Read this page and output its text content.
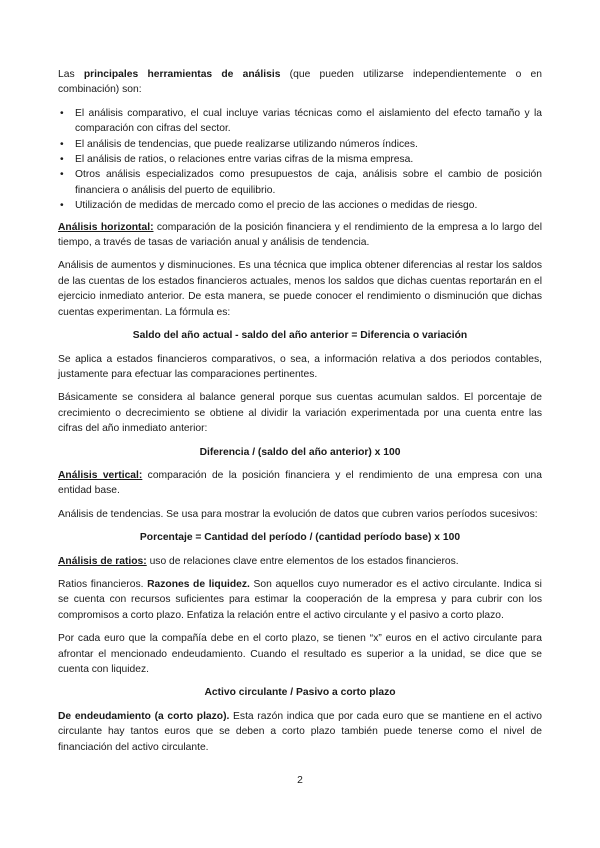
Las principales herramientas de análisis (que pueden utilizarse independientemente o en combinación) son:

• El análisis comparativo, el cual incluye varias técnicas como el aislamiento del efecto tamaño y la comparación con cifras del sector.
• El análisis de tendencias, que puede realizarse utilizando números índices.
• El análisis de ratios, o relaciones entre varias cifras de la misma empresa.
• Otros análisis especializados como presupuestos de caja, análisis sobre el cambio de posición financiera o análisis del puerto de equilibrio.
• Utilización de medidas de mercado como el precio de las acciones o medidas de riesgo.

Análisis horizontal: comparación de la posición financiera y el rendimiento de la empresa a lo largo del tiempo, a través de tasas de variación anual y análisis de tendencia.

Análisis de aumentos y disminuciones. Es una técnica que implica obtener diferencias al restar los saldos de las cuentas de los estados financieros actuales, menos los saldos que dichas cuentas reportarán en el ejercicio inmediato anterior. De esta manera, se puede conocer el rendimiento o disminución que dichas cuentas experimentan. La fórmula es:

Saldo del año actual - saldo del año anterior = Diferencia o variación

Se aplica a estados financieros comparativos, o sea, a información relativa a dos periodos contables, justamente para efectuar las comparaciones pertinentes.

Básicamente se considera al balance general porque sus cuentas acumulan saldos. El porcentaje de crecimiento o decrecimiento se obtiene al dividir la variación experimentada por una cuenta entre las cifras del año inmediato anterior:

Diferencia / (saldo del año anterior) x 100

Análisis vertical: comparación de la posición financiera y el rendimiento de una empresa con una entidad base.

Análisis de tendencias. Se usa para mostrar la evolución de datos que cubren varios períodos sucesivos:

Porcentaje = Cantidad del período / (cantidad período base) x 100

Análisis de ratios: uso de relaciones clave entre elementos de los estados financieros.

Ratios financieros. Razones de liquidez. Son aquellos cuyo numerador es el activo circulante. Indica si se cuenta con recursos suficientes para estimar la cooperación de la empresa y para cubrir con los compromisos a corto plazo. Enfatiza la relación entre el activo circulante y el pasivo a corto plazo.

Por cada euro que la compañía debe en el corto plazo, se tienen “x” euros en el activo circulante para afrontar el mencionado endeudamiento. Cuando el resultado es superior a la unidad, se dice que se cuenta con liquidez.

Activo circulante / Pasivo a corto plazo

De endeudamiento (a corto plazo). Esta razón indica que por cada euro que se mantiene en el activo circulante hay tantos euros que se deben a corto plazo también puede tenerse como el nivel de financiación del activo circulante.

2
